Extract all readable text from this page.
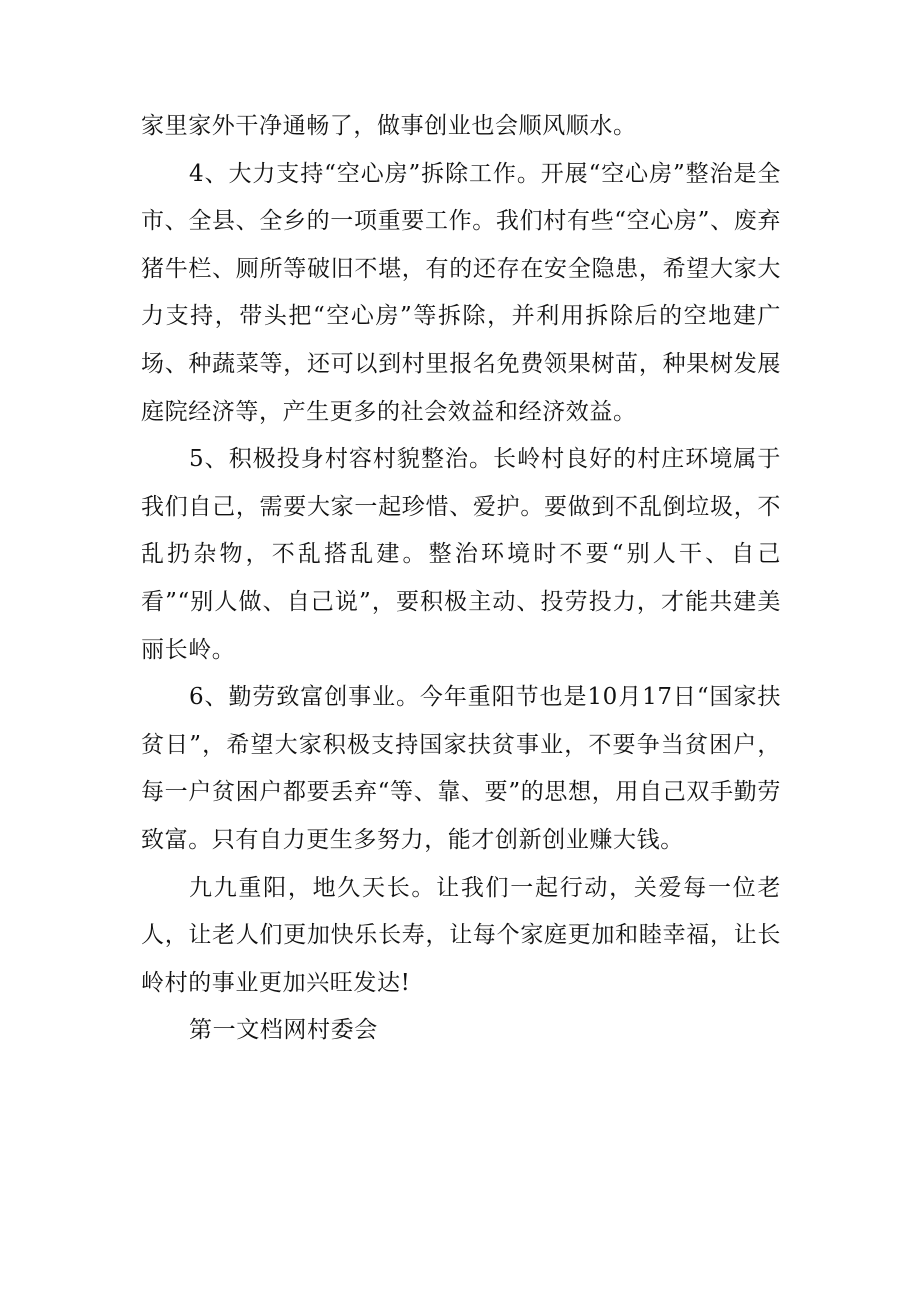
家里家外干净通畅了，做事创业也会顺风顺水。

4、大力支持“空心房”拆除工作。开展“空心房”整治是全市、全县、全乡的一项重要工作。我们村有些“空心房”、废弃猪牛栏、厕所等破旧不堪，有的还存在安全隐患，希望大家大力支持，带头把“空心房”等拆除，并利用拆除后的空地建广场、种蔬菜等，还可以到村里报名免费领果树苗，种果树发展庭院经济等，产生更多的社会效益和经济效益。

5、积极投身村容村貌整治。长岭村良好的村庄环境属于我们自己，需要大家一起珍惜、爱护。要做到不乱倒垃圾，不乱扔杂物，不乱搭乱建。整治环境时不要“别人干、自己看”“别人做、自己说”，要积极主动、投劳投力，才能共建美丽长岭。

6、勤劳致富创事业。今年重阳节也是10月17日“国家扶贫日”，希望大家积极支持国家扶贫事业，不要争当贫困户，每一户贫困户都要丢弃“等、靠、要”的思想，用自己双手勤劳致富。只有自力更生多努力，能才创新创业赚大钱。

九九重阳，地久天长。让我们一起行动，关爱每一位老人，让老人们更加快乐长寿，让每个家庭更加和睦幸福，让长岭村的事业更加兴旺发达!

第一文档网村委会
